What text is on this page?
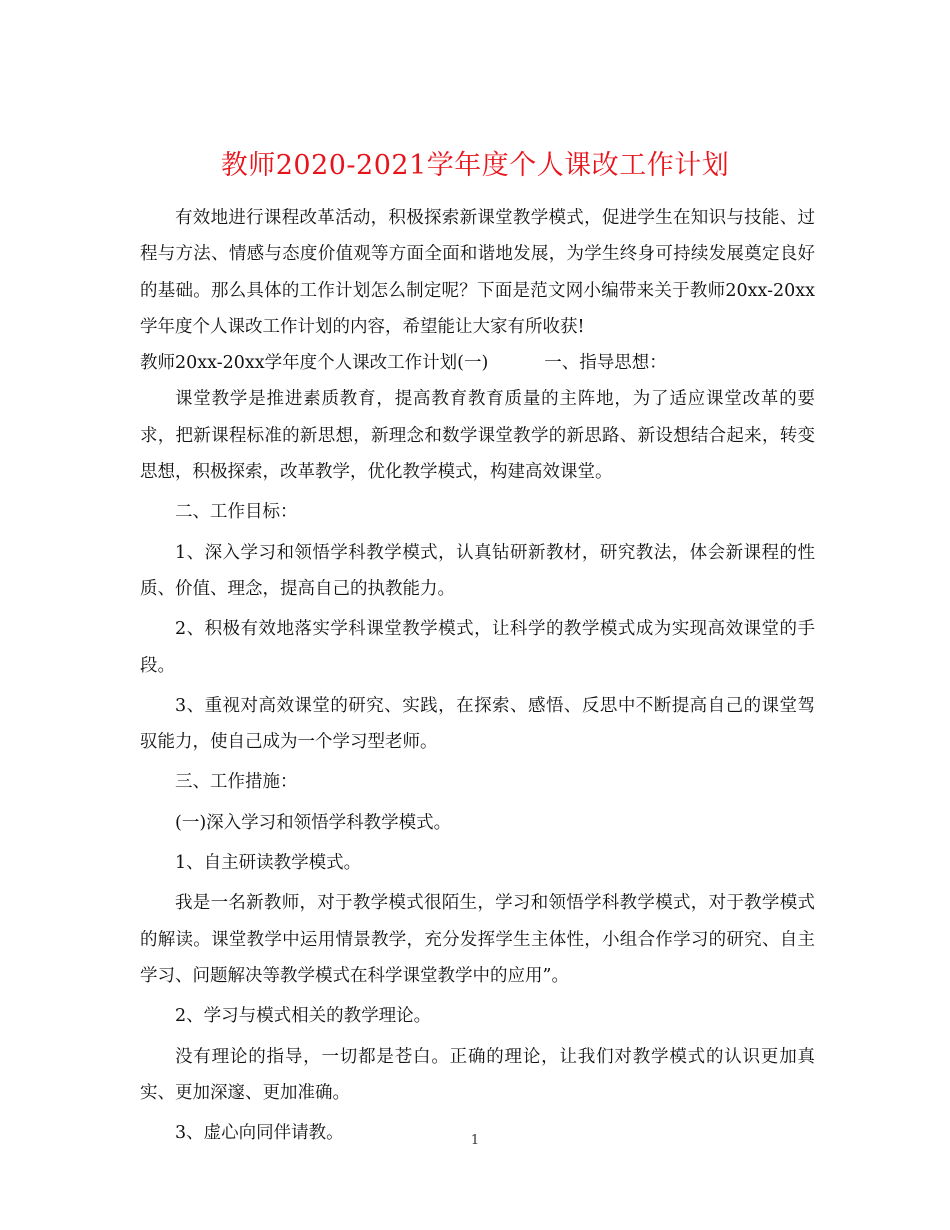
教师2020-2021学年度个人课改工作计划

有效地进行课程改革活动，积极探索新课堂教学模式，促进学生在知识与技能、过程与方法、情感与态度价值观等方面全面和谐地发展，为学生终身可持续发展奠定良好的基础。那么具体的工作计划怎么制定呢？下面是范文网小编带来关于教师20xx-20xx学年度个人课改工作计划的内容，希望能让大家有所收获!

教师20xx-20xx学年度个人课改工作计划(一)	一、指导思想：

课堂教学是推进素质教育，提高教育教育质量的主阵地，为了适应课堂改革的要求，把新课程标准的新思想，新理念和数学课堂教学的新思路、新设想结合起来，转变思想，积极探索，改革教学，优化教学模式，构建高效课堂。

二、工作目标：

1、深入学习和领悟学科教学模式，认真钻研新教材，研究教法，体会新课程的性质、价值、理念，提高自己的执教能力。

2、积极有效地落实学科课堂教学模式，让科学的教学模式成为实现高效课堂的手段。

3、重视对高效课堂的研究、实践，在探索、感悟、反思中不断提高自己的课堂驾驭能力，使自己成为一个学习型老师。

三、工作措施：

(一)深入学习和领悟学科教学模式。

1、自主研读教学模式。

我是一名新教师，对于教学模式很陌生，学习和领悟学科教学模式，对于教学模式的解读。课堂教学中运用情景教学，充分发挥学生主体性，小组合作学习的研究、自主学习、问题解决等教学模式在科学课堂教学中的应用”。

2、学习与模式相关的教学理论。

没有理论的指导，一切都是苍白。正确的理论，让我们对教学模式的认识更加真实、更加深邃、更加准确。

3、虚心向同伴请教。	1
